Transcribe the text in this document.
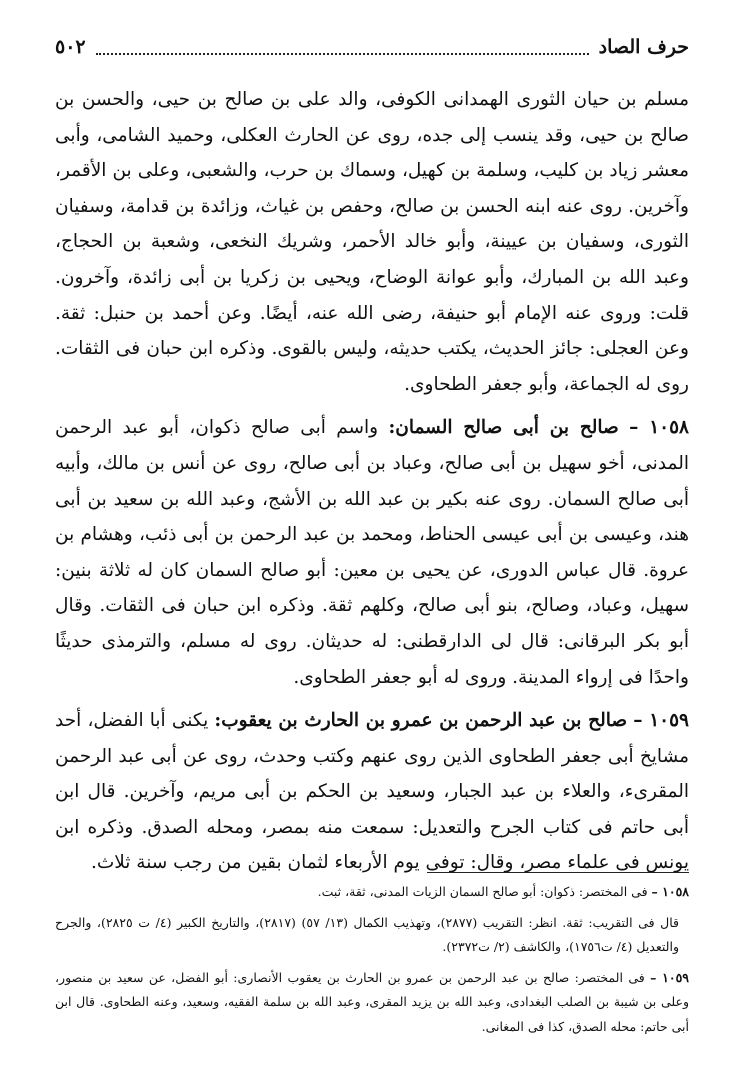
حرف الصاد
٥٠٢

مسلم بن حيان الثورى الهمدانى الكوفى، والد على بن صالح بن حيى، والحسن بن صالح بن حيى، وقد ينسب إلى جده، روى عن الحارث العكلى، وحميد الشامى، وأبى معشر زياد بن كليب، وسلمة بن كهيل، وسماك بن حرب، والشعبى، وعلى بن الأقمر، وآخرين. روى عنه ابنه الحسن بن صالح، وحفص بن غياث، وزائدة بن قدامة، وسفيان الثورى، وسفيان بن عيينة، وأبو خالد الأحمر، وشريك النخعى، وشعبة بن الحجاج، وعبد الله بن المبارك، وأبو عوانة الوضاح، ويحيى بن زكريا بن أبى زائدة، وآخرون. قلت: وروى عنه الإمام أبو حنيفة، رضى الله عنه، أيضًا. وعن أحمد بن حنبل: ثقة. وعن العجلى: جائز الحديث، يكتب حديثه، وليس بالقوى. وذكره ابن حبان فى الثقات. روى له الجماعة، وأبو جعفر الطحاوى.

١٠٥٨ – صالح بن أبى صالح السمان: واسم أبى صالح ذكوان، أبو عبد الرحمن المدنى، أخو سهيل بن أبى صالح، وعباد بن أبى صالح، روى عن أنس بن مالك، وأبيه أبى صالح السمان. روى عنه بكير بن عبد الله بن الأشج، وعبد الله بن سعيد بن أبى هند، وعيسى بن أبى عيسى الحناط، ومحمد بن عبد الرحمن بن أبى ذئب، وهشام بن عروة. قال عباس الدورى، عن يحيى بن معين: أبو صالح السمان كان له ثلاثة بنين: سهيل، وعباد، وصالح، بنو أبى صالح، وكلهم ثقة. وذكره ابن حبان فى الثقات. وقال أبو بكر البرقانى: قال لى الدارقطنى: له حديثان. روى له مسلم، والترمذى حديثًا واحدًا فى إرواء المدينة. وروى له أبو جعفر الطحاوى.

١٠٥٩ – صالح بن عبد الرحمن بن عمرو بن الحارث بن يعقوب: يكنى أبا الفضل، أحد مشايخ أبى جعفر الطحاوى الذين روى عنهم وكتب وحدث، روى عن أبى عبد الرحمن المقرىء، والعلاء بن عبد الجبار، وسعيد بن الحكم بن أبى مريم، وآخرين. قال ابن أبى حاتم فى كتاب الجرح والتعديل: سمعت منه بمصر، ومحله الصدق. وذكره ابن يونس فى علماء مصر، وقال: توفى يوم الأربعاء لثمان بقين من رجب سنة ثلاث.

١٠٥٨ – فى المختصر: ذكوان: أبو صالح السمان الزيات المدنى، ثقة، ثبت.

قال فى التقريب: ثقة. انظر: التقريب (٢٨٧٧)، وتهذيب الكمال (١٣/ ٥٧) (٢٨١٧)، والتاريخ الكبير (٤/ ت ٢٨٢٥)، والجرح والتعديل (٤/ ت١٧٥٦)، والكاشف (٢/ ت٢٣٧٢).

١٠٥٩ – فى المختصر: صالح بن عبد الرحمن بن عمرو بن الحارث بن يعقوب الأنصارى: أبو الفضل، عن سعيد بن منصور، وعلى بن شيبة بن الصلب البغدادى، وعبد الله بن يزيد المقرى، وعبد الله بن سلمة الفقيه، وسعيد، وعنه الطحاوى. قال ابن أبى حاتم: محله الصدق، كذا فى المغانى.
